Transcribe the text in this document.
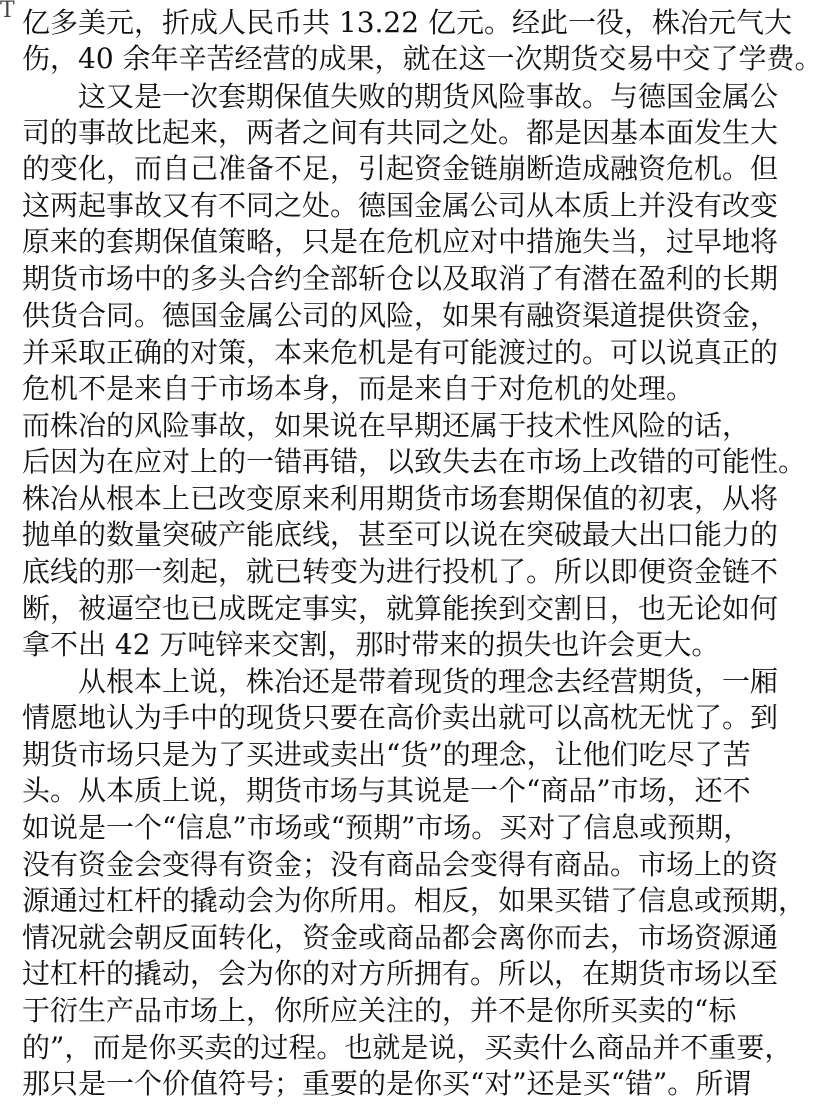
Т 亿多美元，折成人民币共 13.22 亿元。经此一役，株冶元气大
伤，40 余年辛苦经营的成果，就在这一次期货交易中交了学费。
这又是一次套期保值失败的期货风险事故。与德国金属公
司的事故比起来，两者之间有共同之处。都是因基本面发生大
的变化，而自己准备不足，引起资金链崩断造成融资危机。但
这两起事故又有不同之处。德国金属公司从本质上并没有改变
原来的套期保值策略，只是在危机应对中措施失当，过早地将
期货市场中的多头合约全部斩仓以及取消了有潜在盈利的长期
供货合同。德国金属公司的风险，如果有融资渠道提供资金，
并采取正确的对策，本来危机是有可能渡过的。可以说真正的
危机不是来自于市场本身，而是来自于对危机的处理。
而株冶的风险事故，如果说在早期还属于技术性风险的话，
后因为在应对上的一错再错，以致失去在市场上改错的可能性。
株冶从根本上已改变原来利用期货市场套期保值的初衷，从将
抛单的数量突破产能底线，甚至可以说在突破最大出口能力的
底线的那一刻起，就已转变为进行投机了。所以即便资金链不
断，被逼空也已成既定事实，就算能挨到交割日，也无论如何
拿不出 42 万吨锌来交割，那时带来的损失也许会更大。
从根本上说，株冶还是带着现货的理念去经营期货，一厢
情愿地认为手中的现货只要在高价卖出就可以高枕无忧了。到
期货市场只是为了买进或卖出“货”的理念，让他们吃尽了苦
头。从本质上说，期货市场与其说是一个“商品”市场，还不
如说是一个“信息”市场或“预期”市场。买对了信息或预期，
没有资金会变得有资金；没有商品会变得有商品。市场上的资
源通过杠杆的撬动会为你所用。相反，如果买错了信息或预期，
情况就会朝反面转化，资金或商品都会离你而去，市场资源通
过杠杆的撬动，会为你的对方所拥有。所以，在期货市场以至
于衍生产品市场上，你所应关注的，并不是你所买卖的“标
的”，而是你买卖的过程。也就是说，买卖什么商品并不重要，
那只是一个价值符号；重要的是你买“对”还是买“错”。所谓
